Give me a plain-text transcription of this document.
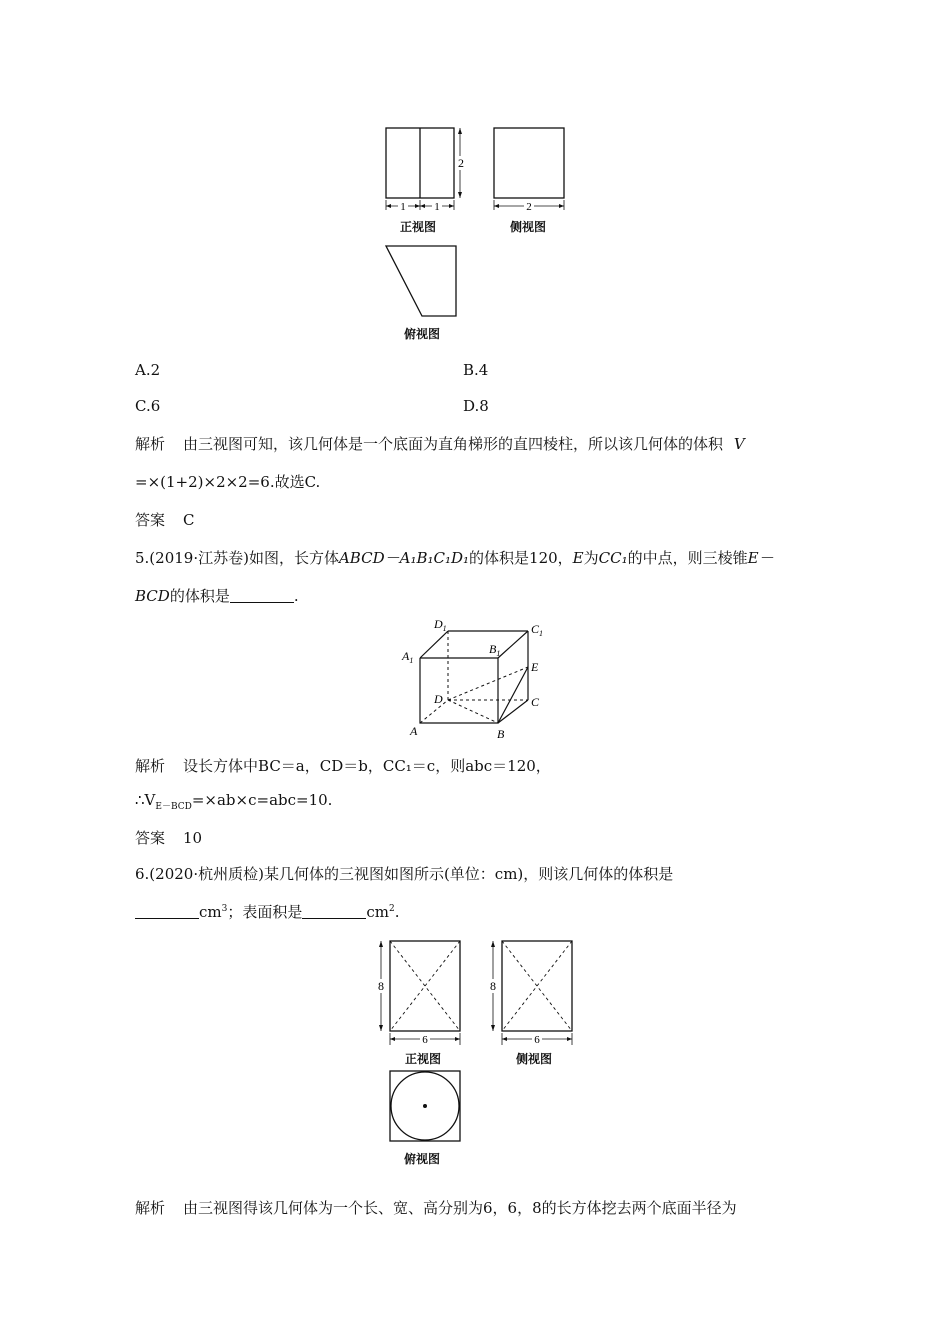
2
1	1	2
正视图	侧视图
俯视图
A.2	B.4
C.6	D.8
解析 由三视图可知，该几何体是一个底面为直角梯形的直四棱柱，所以该几何体的体积 V
=×(1+2)×2×2=6.故选C.
答案 C
5.(2019·江苏卷)如图，长方体ABCD－A₁B₁C₁D₁的体积是120，E为CC₁的中点，则三棱锥E－
BCD的体积是	.
$D_1$	$C_1$
$A_1$
$B_1$
E
D	C
A	B
解析 设长方体中BC＝a，CD＝b，CC₁＝c，则abc＝120，
$\therefore V_{E-BCD}=\times ab\times c=abc=10$.
答案 10
6.(2020·杭州质检)某几何体的三视图如图所示(单位：cm)，则该几何体的体积是
$cm^3$；表面积是	$cm^2$.
8
6
8
6
正视图	侧视图
俯视图
解析 由三视图得该几何体为一个长、宽、高分别为6，6，8的长方体挖去两个底面半径为
